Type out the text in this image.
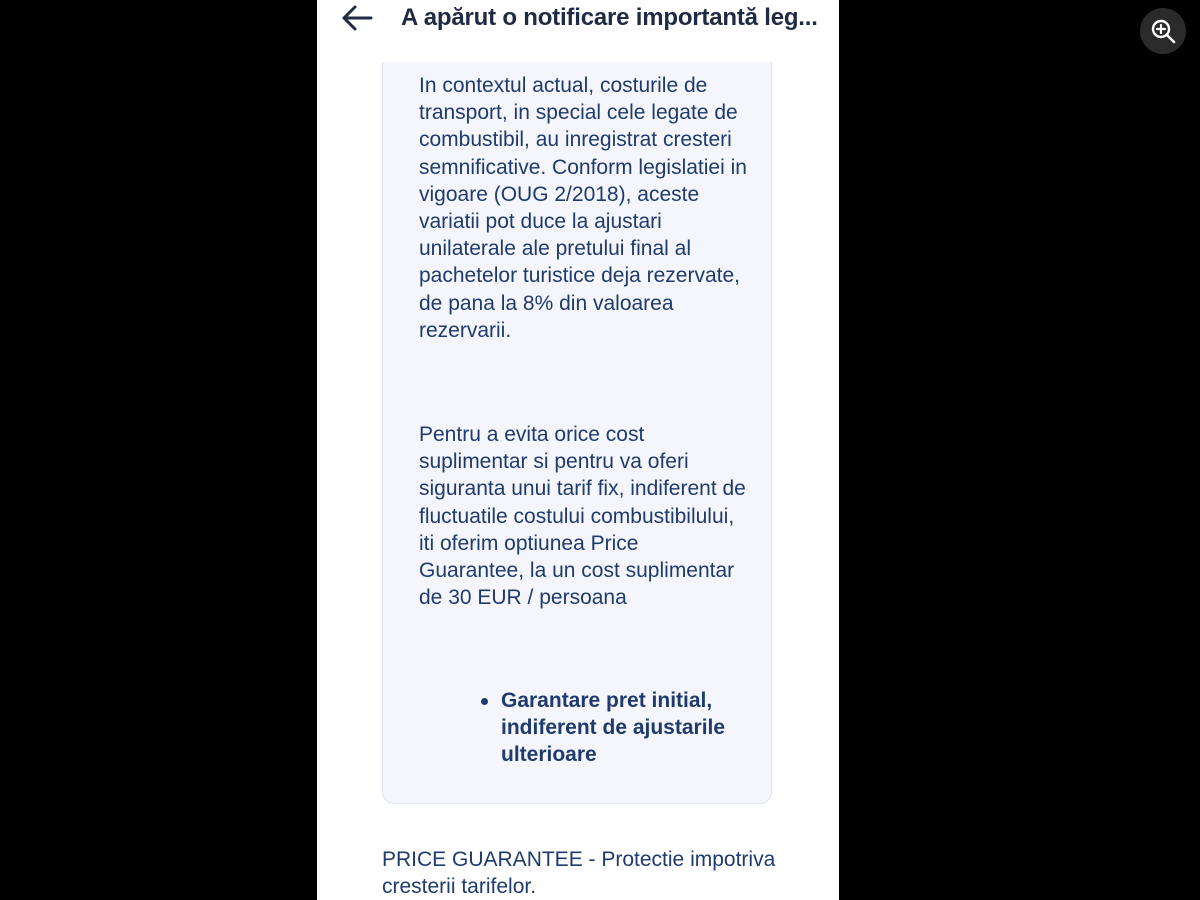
A apărut o notificare importantă leg...

In contextul actual, costurile de transport, in special cele legate de combustibil, au inregistrat cresteri semnificative. Conform legislatiei in vigoare (OUG 2/2018), aceste variatii pot duce la ajustari unilaterale ale pretului final al pachetelor turistice deja rezervate, de pana la 8% din valoarea rezervarii.

Pentru a evita orice cost suplimentar si pentru va oferi siguranta unui tarif fix, indiferent de fluctuatile costului combustibilului, iti oferim optiunea Price Guarantee, la un cost suplimentar de 30 EUR / persoana

Garantare pret initial, indiferent de ajustarile ulterioare

PRICE GUARANTEE - Protectie impotriva cresterii tarifelor.
